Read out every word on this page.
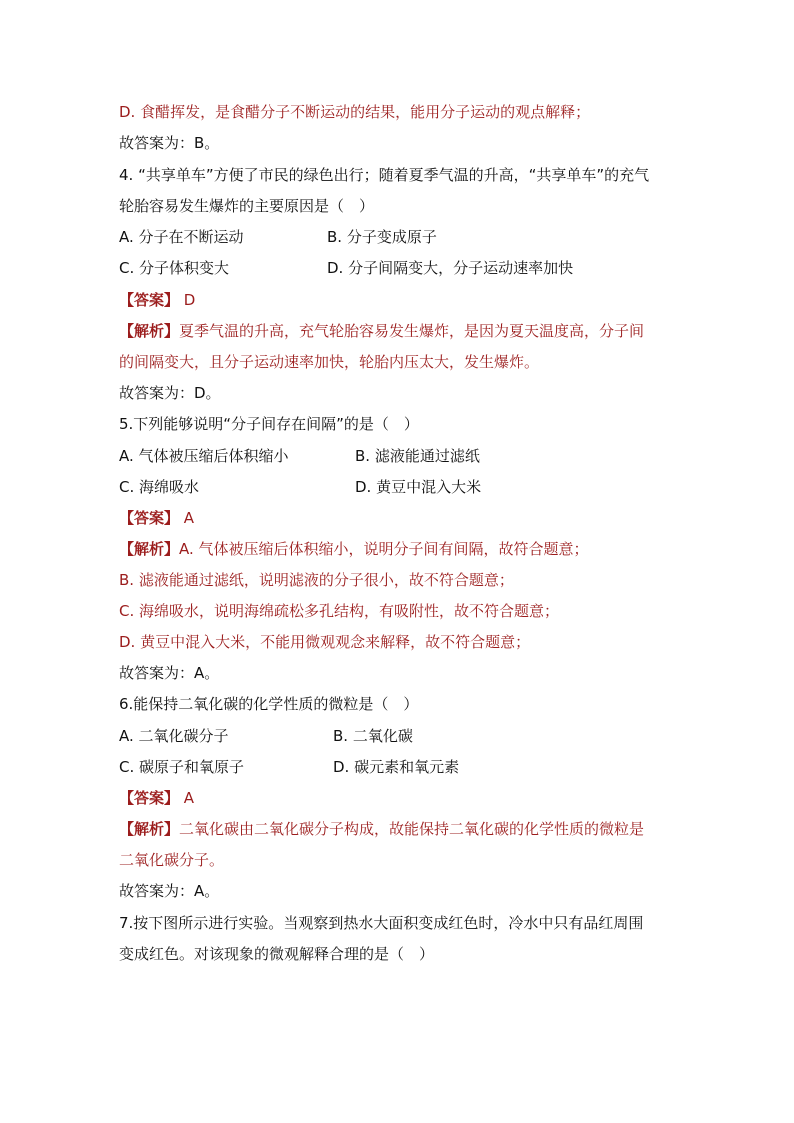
D. 食醋挥发，是食醋分子不断运动的结果，能用分子运动的观点解释；
故答案为：B。
4. “共享单车”方便了市民的绿色出行；随着夏季气温的升高，“共享单车”的充气
轮胎容易发生爆炸的主要原因是（　）
A. 分子在不断运动	B. 分子变成原子
C. 分子体积变大	D. 分子间隔变大，分子运动速率加快
【答案】 D
【解析】夏季气温的升高，充气轮胎容易发生爆炸，是因为夏天温度高，分子间
的间隔变大，且分子运动速率加快，轮胎内压太大，发生爆炸。
故答案为：D。
5.下列能够说明“分子间存在间隔”的是（　）
A. 气体被压缩后体积缩小	B. 滤液能通过滤纸
C. 海绵吸水	D. 黄豆中混入大米
【答案】 A
【解析】A. 气体被压缩后体积缩小，说明分子间有间隔，故符合题意；
B. 滤液能通过滤纸，说明滤液的分子很小，故不符合题意；
C. 海绵吸水，说明海绵疏松多孔结构，有吸附性，故不符合题意；
D. 黄豆中混入大米，不能用微观观念来解释，故不符合题意；
故答案为：A。
6.能保持二氧化碳的化学性质的微粒是（　）
A. 二氧化碳分子	B. 二氧化碳
C. 碳原子和氧原子	D. 碳元素和氧元素
【答案】 A
【解析】二氧化碳由二氧化碳分子构成，故能保持二氧化碳的化学性质的微粒是
二氧化碳分子。
故答案为：A。
7.按下图所示进行实验。当观察到热水大面积变成红色时，冷水中只有品红周围
变成红色。对该现象的微观解释合理的是（　）
